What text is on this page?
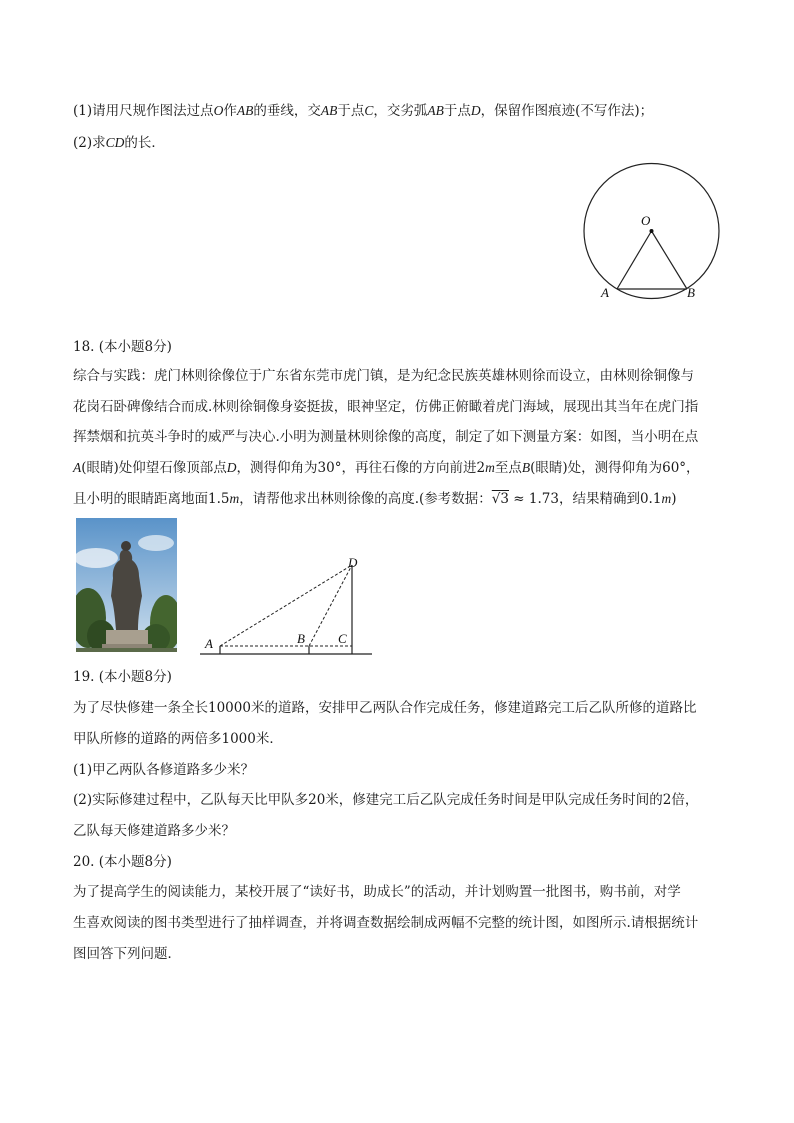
(1)请用尺规作图法过点O作AB的垂线，交AB于点C，交劣弧AB于点D，保留作图痕迹(不写作法)；
(2)求CD的长．
O
A	B
18. (本小题8分)
综合与实践：虎门林则徐像位于广东省东莞市虎门镇，是为纪念民族英雄林则徐而设立，由林则徐铜像与
花岗石卧碑像结合而成.林则徐铜像身姿挺拔，眼神坚定，仿佛正俯瞰着虎门海域，展现出其当年在虎门指
挥禁烟和抗英斗争时的威严与决心.小明为测量林则徐像的高度，制定了如下测量方案：如图，当小明在点
A(眼睛)处仰望石像顶部点D，测得仰角为30°，再往石像的方向前进2m至点B(眼睛)处，测得仰角为60°，
且小明的眼睛距离地面1.5m，请帮他求出林则徐像的高度.(参考数据：√3 ≈ 1.73，结果精确到0.1m)
D
A	B	C
19. (本小题8分)
为了尽快修建一条全长10000米的道路，安排甲乙两队合作完成任务，修建道路完工后乙队所修的道路比
甲队所修的道路的两倍多1000米．
(1)甲乙两队各修道路多少米？
(2)实际修建过程中，乙队每天比甲队多20米，修建完工后乙队完成任务时间是甲队完成任务时间的2倍，
乙队每天修建道路多少米？
20. (本小题8分)
为了提高学生的阅读能力，某校开展了“读好书，助成长”的活动，并计划购置一批图书，购书前，对学
生喜欢阅读的图书类型进行了抽样调查，并将调查数据绘制成两幅不完整的统计图，如图所示.请根据统计
图回答下列问题．
